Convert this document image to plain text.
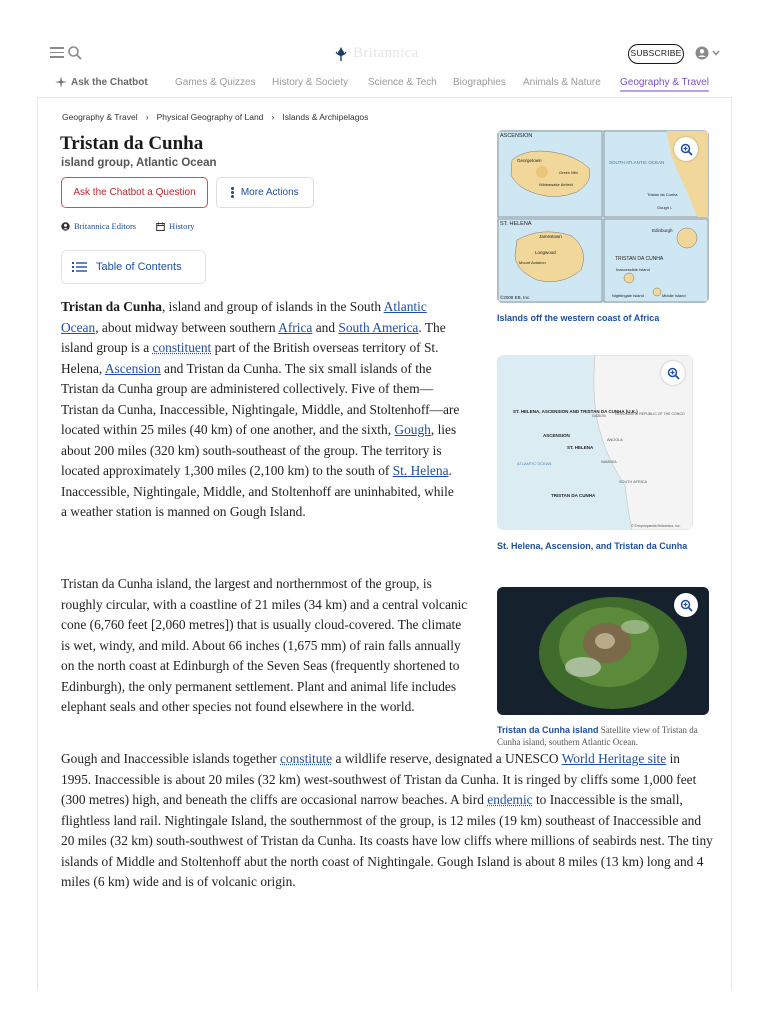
Britannica	SUBSCRIBE
Ask the Chatbot	Games & Quizzes History & Society Science & Tech Biographies Animals & Nature Geography & Travel
Geography & Travel › Physical Geography of Land › Islands & Archipelagos
Tristan da Cunha
island group, Atlantic Ocean
Ask the Chatbot a Question	More Actions
Britannica Editors	History
Table of Contents

Tristan da Cunha, island and group of islands in the South Atlantic Ocean, about midway between southern Africa and South America. The island group is a constituent part of the British overseas territory of St. Helena, Ascension and Tristan da Cunha. The six small islands of the Tristan da Cunha group are administered collectively. Five of them—Tristan da Cunha, Inaccessible, Nightingale, Middle, and Stoltenhoff—are located within 25 miles (40 km) of one another, and the sixth, Gough, lies about 200 miles (320 km) south-southeast of the group. The territory is located approximately 1,300 miles (2,100 km) to the south of St. Helena. Inaccessible, Nightingale, Middle, and Stoltenhoff are uninhabited, while a weather station is manned on Gough Island.

Tristan da Cunha island, the largest and northernmost of the group, is roughly circular, with a coastline of 21 miles (34 km) and a central volcanic cone (6,760 feet [2,060 metres]) that is usually cloud-covered. The climate is wet, windy, and mild. About 66 inches (1,675 mm) of rain falls annually on the north coast at Edinburgh of the Seven Seas (frequently shortened to Edinburgh), the only permanent settlement. Plant and animal life includes elephant seals and other species not found elsewhere in the world.

Gough and Inaccessible islands together constitute a wildlife reserve, designated a UNESCO World Heritage site in 1995. Inaccessible is about 20 miles (32 km) west-southwest of Tristan da Cunha. It is ringed by cliffs some 1,000 feet (300 metres) high, and beneath the cliffs are occasional narrow beaches. A bird endemic to Inaccessible is the small, flightless land rail. Nightingale Island, the southernmost of the group, is 12 miles (19 km) southeast of Inaccessible and 20 miles (32 km) south-southwest of Tristan da Cunha. Its coasts have low cliffs where millions of seabirds nest. The tiny islands of Middle and Stoltenhoff abut the north coast of Nightingale. Gough Island is about 8 miles (13 km) long and 4 miles (6 km) wide and is of volcanic origin.

ASCENSION
Georgetown
Green Mtn
Wideawake Airfield
SOUTH ATLANTIC OCEAN
Tristan da Cunha
Gough I.
ST. HELENA
Jamestown
Longwood
Mount Actaeon
©2008 EB, Inc.
Edinburgh
TRISTAN DA CUNHA
Inaccessible Island
Nightingale Island	Middle Island
Islands off the western coast of Africa
ST. HELENA, ASCENSION AND TRISTAN DA CUNHA (U.K.)
ASCENSION
ST. HELENA
ATLANTIC OCEAN
TRISTAN DA CUNHA
GABON	DEMOCRATIC REPUBLIC OF THE CONGO
ANGOLA
NAMIBIA
SOUTH AFRICA
© Encyclopædia Britannica, Inc.
St. Helena, Ascension, and Tristan da Cunha
Tristan da Cunha island Satellite view of Tristan da Cunha island, southern Atlantic Ocean.
